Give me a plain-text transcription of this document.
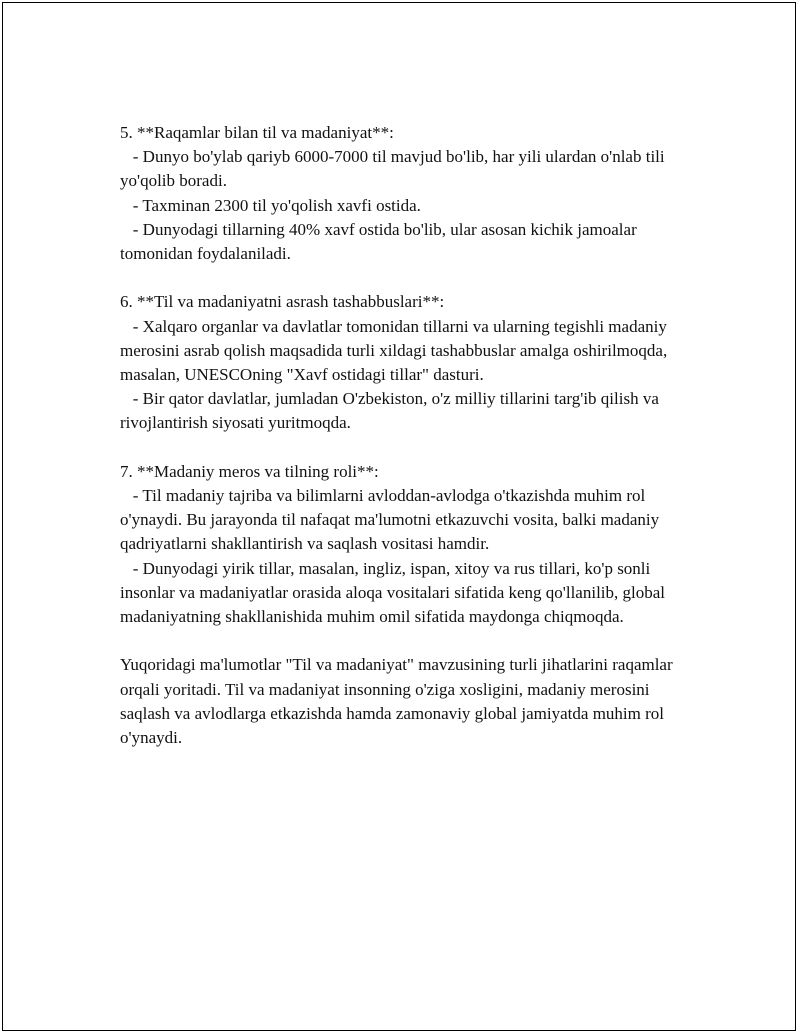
5. **Raqamlar bilan til va madaniyat**:

- Dunyo bo'ylab qariyb 6000-7000 til mavjud bo'lib, har yili ulardan o'nlab tili yo'qolib boradi.

- Taxminan 2300 til yo'qolish xavfi ostida.

- Dunyodagi tillarning 40% xavf ostida bo'lib, ular asosan kichik jamoalar tomonidan foydalaniladi.

6. **Til va madaniyatni asrash tashabbuslari**:

- Xalqaro organlar va davlatlar tomonidan tillarni va ularning tegishli madaniy merosini asrab qolish maqsadida turli xildagi tashabbuslar amalga oshirilmoqda, masalan, UNESCOning "Xavf ostidagi tillar" dasturi.

- Bir qator davlatlar, jumladan O'zbekiston, o'z milliy tillarini targ'ib qilish va rivojlantirish siyosati yuritmoqda.

7. **Madaniy meros va tilning roli**:

- Til madaniy tajriba va bilimlarni avloddan-avlodga o'tkazishda muhim rol o'ynaydi. Bu jarayonda til nafaqat ma'lumotni etkazuvchi vosita, balki madaniy qadriyatlarni shakllantirish va saqlash vositasi hamdir.

- Dunyodagi yirik tillar, masalan, ingliz, ispan, xitoy va rus tillari, ko'p sonli insonlar va madaniyatlar orasida aloqa vositalari sifatida keng qo'llanilib, global madaniyatning shakllanishida muhim omil sifatida maydonga chiqmoqda.

Yuqoridagi ma'lumotlar "Til va madaniyat" mavzusining turli jihatlarini raqamlar orqali yoritadi. Til va madaniyat insonning o'ziga xosligini, madaniy merosini saqlash va avlodlarga etkazishda hamda zamonaviy global jamiyatda muhim rol o'ynaydi.
